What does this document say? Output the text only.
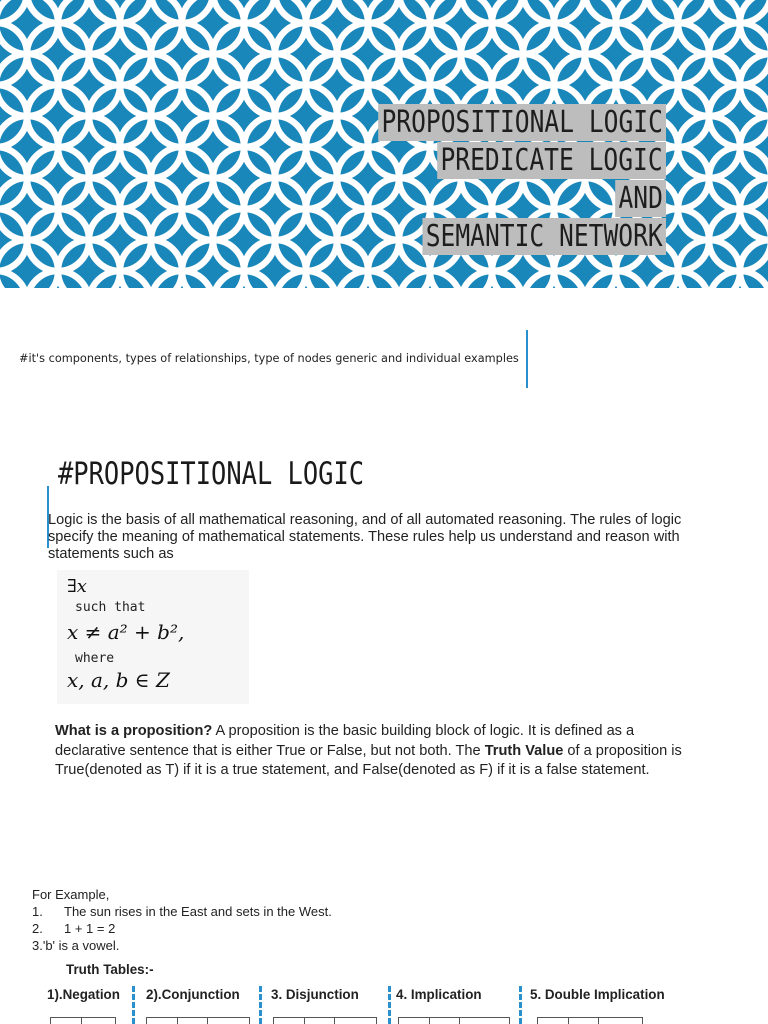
PROPOSITIONAL LOGIC
PREDICATE LOGIC
AND
SEMANTIC NETWORK
#it's components, types of relationships, type of nodes generic and individual examples
#PROPOSITIONAL LOGIC
Logic is the basis of all mathematical reasoning, and of all automated reasoning. The rules of logic specify the meaning of mathematical statements. These rules help us understand and reason with statements such as
∃x
such that
x ≠ a² + b²,
where
x, a, b ∈ Z
What is a proposition? A proposition is the basic building block of logic. It is defined as a declarative sentence that is either True or False, but not both. The Truth Value of a proposition is True(denoted as T) if it is a true statement, and False(denoted as F) if it is a false statement.
For Example,
1. The sun rises in the East and sets in the West.
2. 1 + 1 = 2
3.'b' is a vowel.
Truth Tables:-
1).Negation 2).Conjunction 3. Disjunction	4. Implication	5. Double Implication
